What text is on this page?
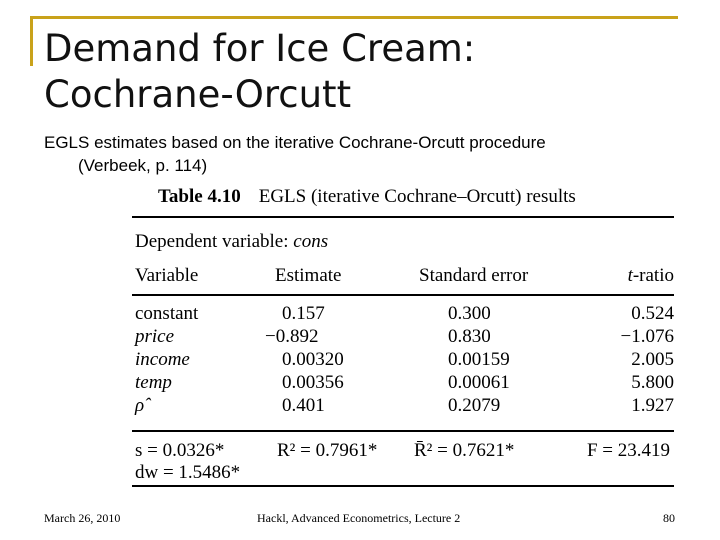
Demand for Ice Cream:
Cochrane-Orcutt
EGLS estimates based on the iterative Cochrane-Orcutt procedure
(Verbeek, p. 114)
Table 4.10 EGLS (iterative Cochrane–Orcutt) results
Dependent variable: cons
Variable	Estimate	Standard error	t-ratio
constant	0.157	0.300	0.524
price	−0.892	0.830	−1.076
income	0.00320	0.00159	2.005
temp	0.00356	0.00061	5.800
ρ̂	0.401	0.2079	1.927
s = 0.0326*	R² = 0.7961* R̄² = 0.7621*	F = 23.419
dw = 1.5486*
March 26, 2010	Hackl, Advanced Econometrics, Lecture 2	80
